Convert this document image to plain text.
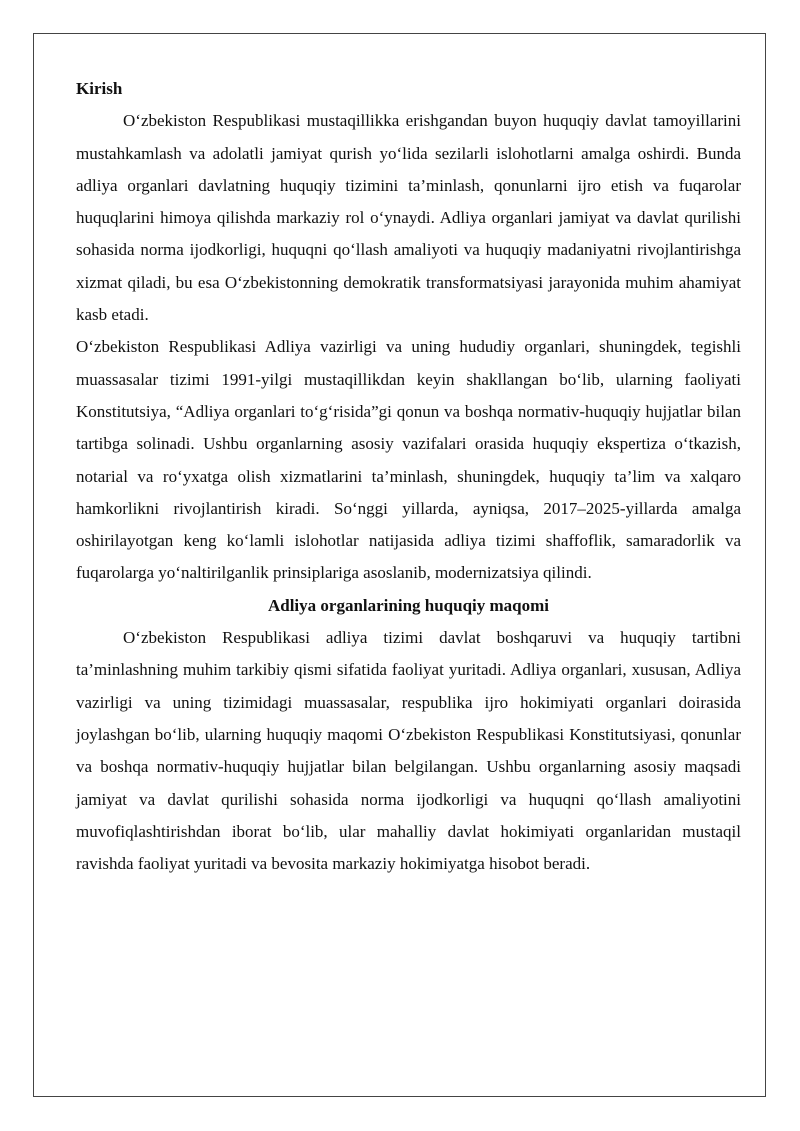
Kirish

O‘zbekiston Respublikasi mustaqillikka erishgandan buyon huquqiy davlat tamoyillarini mustahkamlash va adolatli jamiyat qurish yo‘lida sezilarli islohotlarni amalga oshirdi. Bunda adliya organlari davlatning huquqiy tizimini ta’minlash, qonunlarni ijro etish va fuqarolar huquqlarini himoya qilishda markaziy rol o‘ynaydi. Adliya organlari jamiyat va davlat qurilishi sohasida norma ijodkorligi, huquqni qo‘llash amaliyoti va huquqiy madaniyatni rivojlantirishga xizmat qiladi, bu esa O‘zbekistonning demokratik transformatsiyasi jarayonida muhim ahamiyat kasb etadi.

O‘zbekiston Respublikasi Adliya vazirligi va uning hududiy organlari, shuningdek, tegishli muassasalar tizimi 1991-yilgi mustaqillikdan keyin shakllangan bo‘lib, ularning faoliyati Konstitutsiya, “Adliya organlari to‘g‘risida”gi qonun va boshqa normativ-huquqiy hujjatlar bilan tartibga solinadi. Ushbu organlarning asosiy vazifalari orasida huquqiy ekspertiza o‘tkazish, notarial va ro‘yxatga olish xizmatlarini ta’minlash, shuningdek, huquqiy ta’lim va xalqaro hamkorlikni rivojlantirish kiradi. So‘nggi yillarda, ayniqsa, 2017–2025-yillarda amalga oshirilayotgan keng ko‘lamli islohotlar natijasida adliya tizimi shaffoflik, samaradorlik va fuqarolarga yo‘naltirilganlik prinsiplariga asoslanib, modernizatsiya qilindi.

Adliya organlarining huquqiy maqomi

O‘zbekiston Respublikasi adliya tizimi davlat boshqaruvi va huquqiy tartibni ta’minlashning muhim tarkibiy qismi sifatida faoliyat yuritadi. Adliya organlari, xususan, Adliya vazirligi va uning tizimidagi muassasalar, respublika ijro hokimiyati organlari doirasida joylashgan bo‘lib, ularning huquqiy maqomi O‘zbekiston Respublikasi Konstitutsiyasi, qonunlar va boshqa normativ-huquqiy hujjatlar bilan belgilangan. Ushbu organlarning asosiy maqsadi jamiyat va davlat qurilishi sohasida norma ijodkorligi va huquqni qo‘llash amaliyotini muvofiqlashtirishdan iborat bo‘lib, ular mahalliy davlat hokimiyati organlaridan mustaqil ravishda faoliyat yuritadi va bevosita markaziy hokimiyatga hisobot beradi.
